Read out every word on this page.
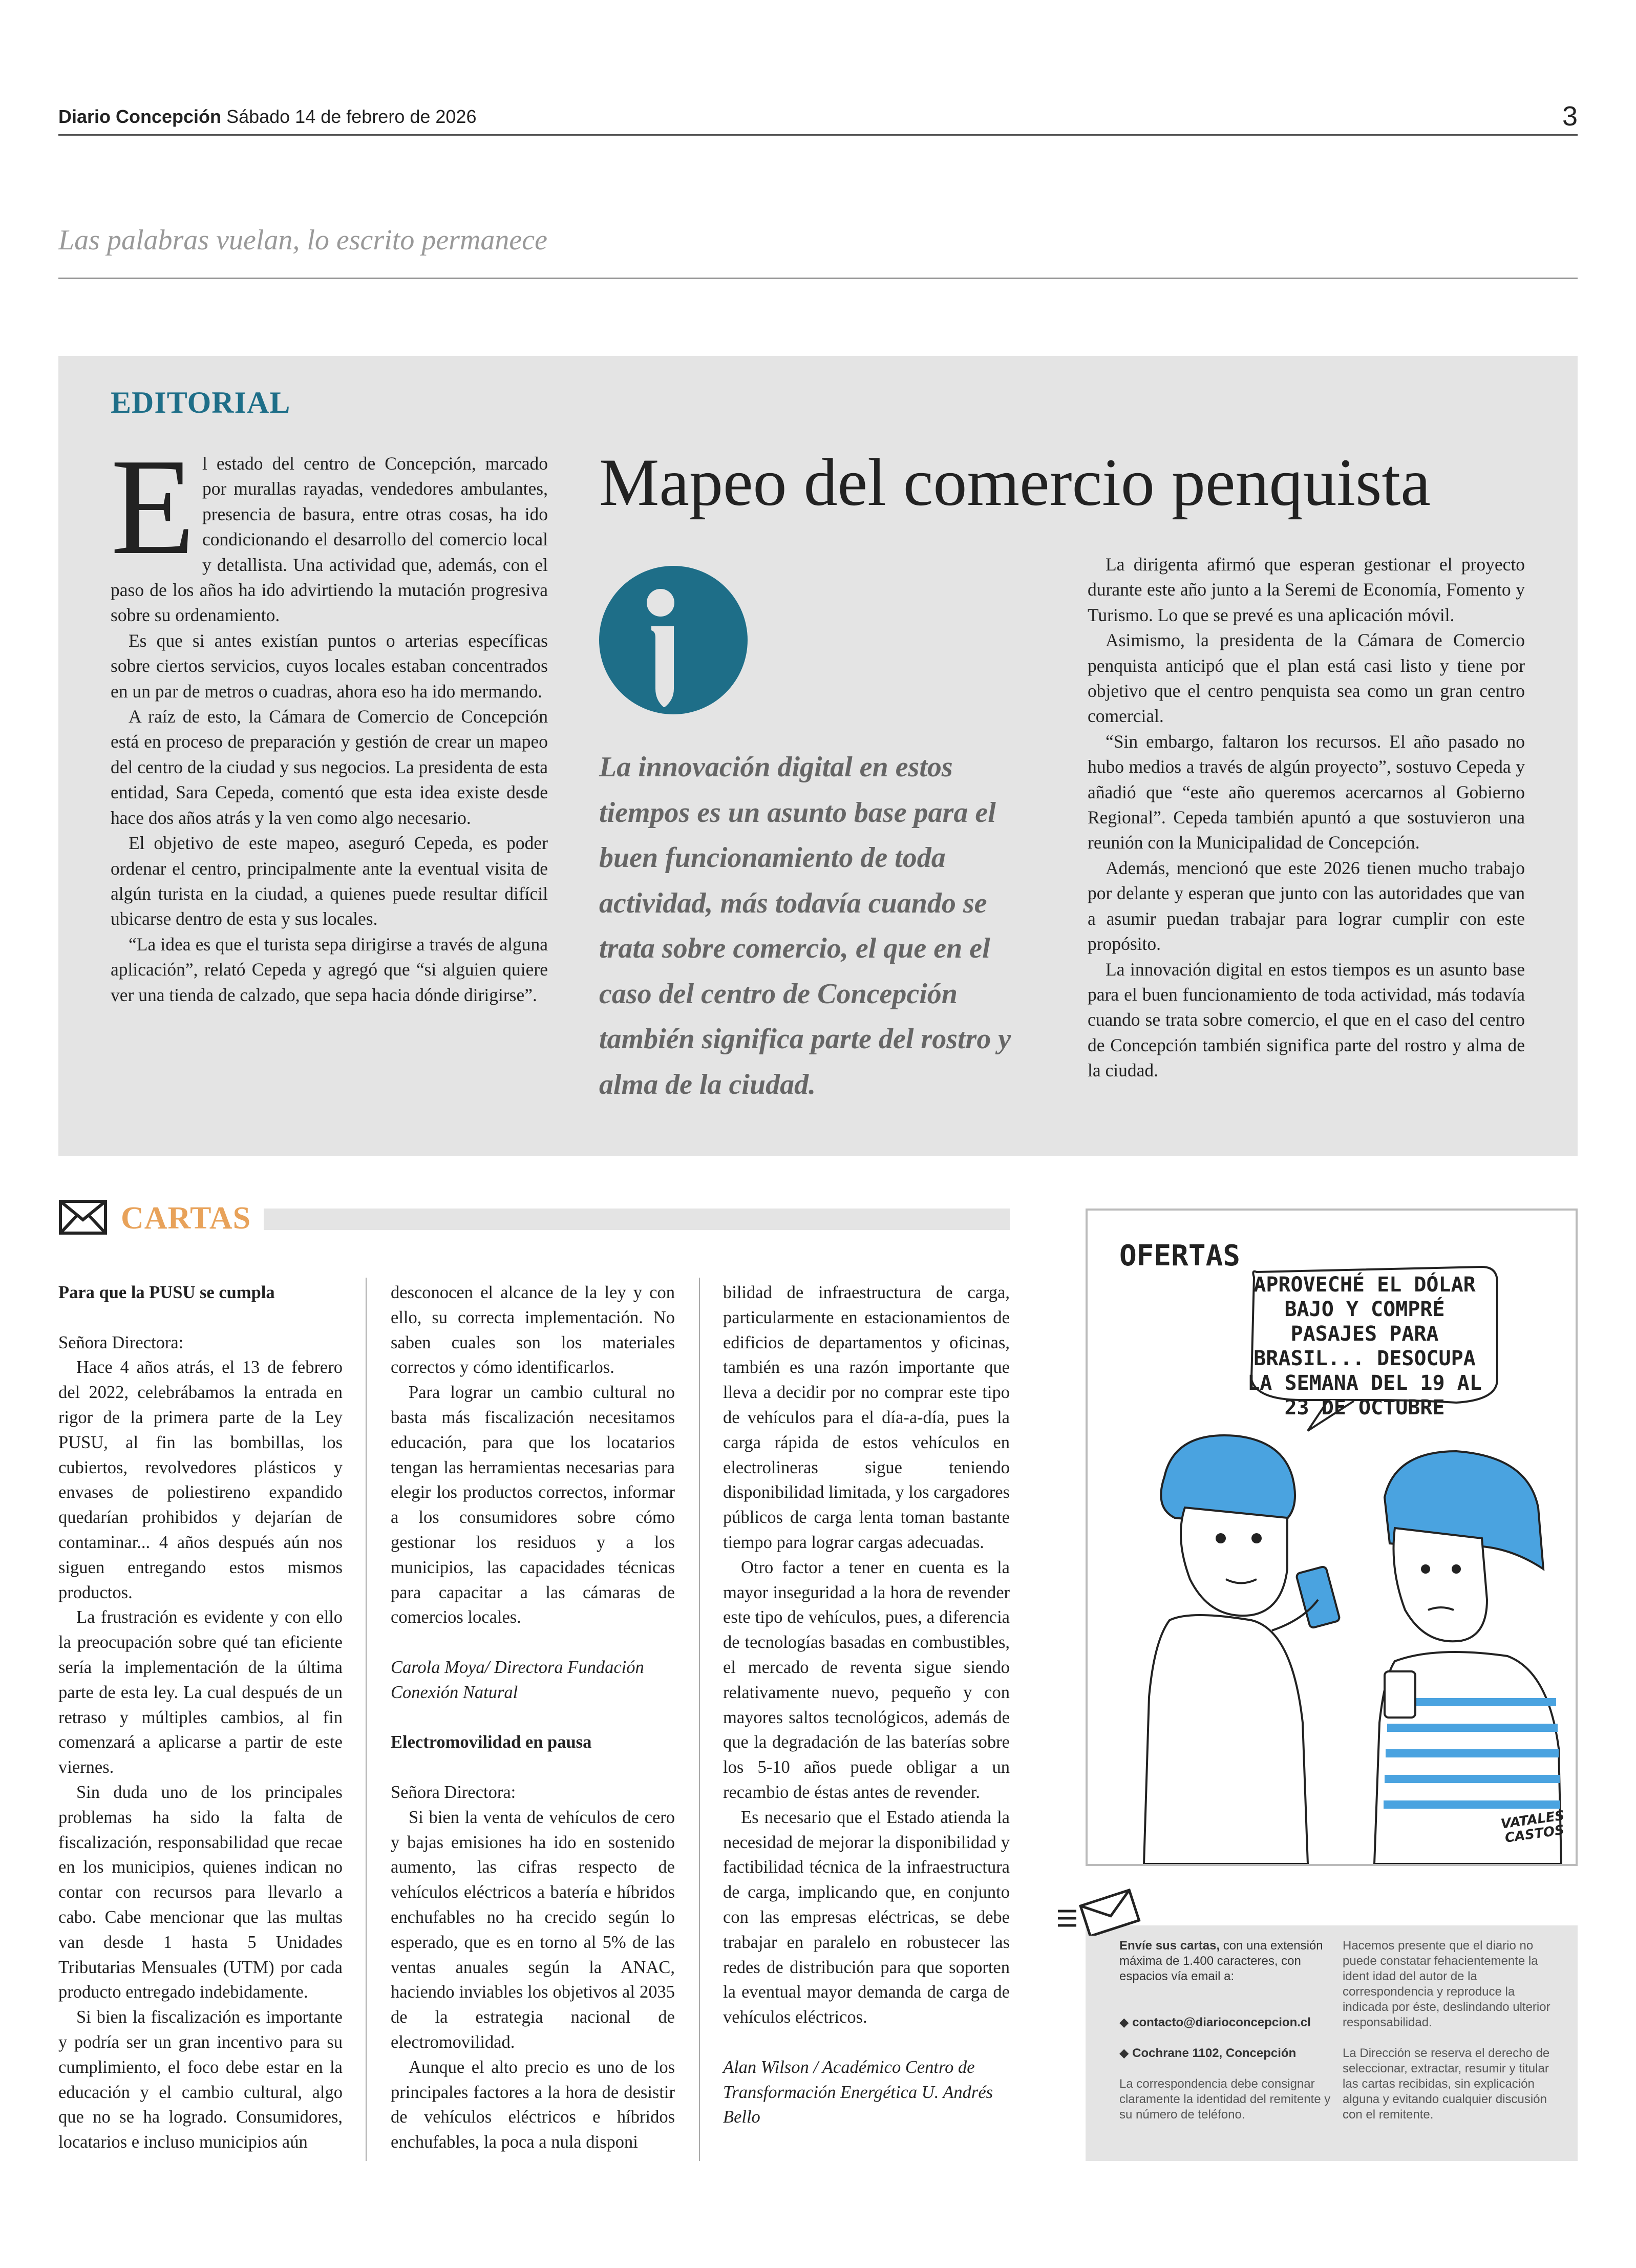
Diario Concepción Sábado 14 de febrero de 2026	3
Las palabras vuelan, lo escrito permanece
EDITORIAL

El estado del centro de Concepción, marcado por murallas rayadas, vendedores ambulantes, presencia de basura, entre otras cosas, ha ido condicionando el desarrollo del comercio local y detallista. Una actividad que, además, con el paso de los años ha ido advirtiendo la mutación progresiva sobre su ordenamiento.

Es que si antes existían puntos o arterias específicas sobre ciertos servicios, cuyos locales estaban concentrados en un par de metros o cuadras, ahora eso ha ido mermando.

A raíz de esto, la Cámara de Comercio de Concepción está en proceso de preparación y gestión de crear un mapeo del centro de la ciudad y sus negocios. La presidenta de esta entidad, Sara Cepeda, comentó que esta idea existe desde hace dos años atrás y la ven como algo necesario.

El objetivo de este mapeo, aseguró Cepeda, es poder ordenar el centro, principalmente ante la eventual visita de algún turista en la ciudad, a quienes puede resultar difícil ubicarse dentro de esta y sus locales.

“La idea es que el turista sepa dirigirse a través de alguna aplicación”, relató Cepeda y agregó que “si alguien quiere ver una tienda de calzado, que sepa hacia dónde dirigirse”.

Mapeo del comercio penquista
La innovación digital en estos tiempos es un asunto base para el buen funcionamiento de toda actividad, más todavía cuando se trata sobre comercio, el que en el caso del centro de Concepción también significa parte del rostro y alma de la ciudad.

La dirigenta afirmó que esperan gestionar el proyecto durante este año junto a la Seremi de Economía, Fomento y Turismo. Lo que se prevé es una aplicación móvil.

Asimismo, la presidenta de la Cámara de Comercio penquista anticipó que el plan está casi listo y tiene por objetivo que el centro penquista sea como un gran centro comercial.

“Sin embargo, faltaron los recursos. El año pasado no hubo medios a través de algún proyecto”, sostuvo Cepeda y añadió que “este año queremos acercarnos al Gobierno Regional”. Cepeda también apuntó a que sostuvieron una reunión con la Municipalidad de Concepción.

Además, mencionó que este 2026 tienen mucho trabajo por delante y esperan que junto con las autoridades que van a asumir puedan trabajar para lograr cumplir con este propósito.

La innovación digital en estos tiempos es un asunto base para el buen funcionamiento de toda actividad, más todavía cuando se trata sobre comercio, el que en el caso del centro de Concepción también significa parte del rostro y alma de la ciudad.

CARTAS

Para que la PUSU se cumpla

Señora Directora:

Hace 4 años atrás, el 13 de febrero del 2022, celebrábamos la entrada en rigor de la primera parte de la Ley PUSU, al fin las bombillas, los cubiertos, revolvedores plásticos y envases de poliestireno expandido quedarían prohibidos y dejarían de contaminar... 4 años después aún nos siguen entregando estos mismos productos.

La frustración es evidente y con ello la preocupación sobre qué tan eficiente sería la implementación de la última parte de esta ley. La cual después de un retraso y múltiples cambios, al fin comenzará a aplicarse a partir de este viernes.

Sin duda uno de los principales problemas ha sido la falta de fiscalización, responsabilidad que recae en los municipios, quienes indican no contar con recursos para llevarlo a cabo. Cabe mencionar que las multas van desde 1 hasta 5 Unidades Tributarias Mensuales (UTM) por cada producto entregado indebidamente.

Si bien la fiscalización es importante y podría ser un gran incentivo para su cumplimiento, el foco debe estar en la educación y el cambio cultural, algo que no se ha logrado. Consumidores, locatarios e incluso municipios aún

desconocen el alcance de la ley y con ello, su correcta implementación. No saben cuales son los materiales correctos y cómo identificarlos.

Para lograr un cambio cultural no basta más fiscalización necesitamos educación, para que los locatarios tengan las herramientas necesarias para elegir los productos correctos, informar a los consumidores sobre cómo gestionar los residuos y a los municipios, las capacidades técnicas para capacitar a las cámaras de comercios locales.

Carola Moya/ Directora Fundación Conexión Natural

Electromovilidad en pausa

Señora Directora:

Si bien la venta de vehículos de cero y bajas emisiones ha ido en sostenido aumento, las cifras respecto de vehículos eléctricos a batería e híbridos enchufables no ha crecido según lo esperado, que es en torno al 5% de las ventas anuales según la ANAC, haciendo inviables los objetivos al 2035 de la estrategia nacional de electromovilidad.

Aunque el alto precio es uno de los principales factores a la hora de desistir de vehículos eléctricos e híbridos enchufables, la poca a nula disponi

bilidad de infraestructura de carga, particularmente en estacionamientos de edificios de departamentos y oficinas, también es una razón importante que lleva a decidir por no comprar este tipo de vehículos para el día-a-día, pues la carga rápida de estos vehículos en electrolineras sigue teniendo disponibilidad limitada, y los cargadores públicos de carga lenta toman bastante tiempo para lograr cargas adecuadas.

Otro factor a tener en cuenta es la mayor inseguridad a la hora de revender este tipo de vehículos, pues, a diferencia de tecnologías basadas en combustibles, el mercado de reventa sigue siendo relativamente nuevo, pequeño y con mayores saltos tecnológicos, además de que la degradación de las baterías sobre los 5-10 años puede obligar a un recambio de éstas antes de revender.

Es necesario que el Estado atienda la necesidad de mejorar la disponibilidad y factibilidad técnica de la infraestructura de carga, implicando que, en conjunto con las empresas eléctricas, se debe trabajar en paralelo en robustecer las redes de distribución para que soporten la eventual mayor demanda de carga de vehículos eléctricos.

Alan Wilson / Académico Centro de Transformación Energética U. Andrés Bello

OFERTAS
APROVECHÉ EL DÓLAR BAJO Y COMPRÉ PASAJES PARA BRASIL... DESOCUPA LA SEMANA DEL 19 AL 23 DE OCTUBRE
VATALES CASTOS

Envíe sus cartas, con una extensión máxima de 1.400 caracteres, con espacios vía email a:

◆ contacto@diarioconcepcion.cl

◆ Cochrane 1102, Concepción

La correspondencia debe consignar claramente la identidad del remitente y su número de teléfono.

Hacemos presente que el diario no puede constatar fehacientemente la ident idad del autor de la correspondencia y reproduce la indicada por éste, deslindando ulterior responsabilidad.

La Dirección se reserva el derecho de seleccionar, extractar, resumir y titular las cartas recibidas, sin explicación alguna y evitando cualquier discusión con el remitente.
